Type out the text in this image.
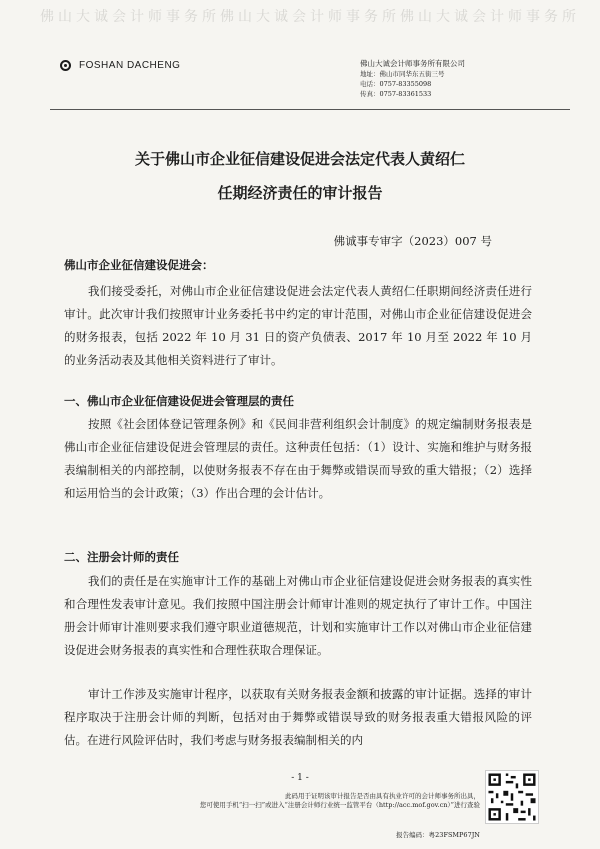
佛山大诚会计师事务所佛山大诚会计师事务所佛山大诚会计师事务所
FOSHAN DACHENG	佛山大诚会计师事务所有限公司
地址：佛山市同华东五街三号
电话：0757-83355098
传真：0757-83361533
关于佛山市企业征信建设促进会法定代表人黄绍仁
任期经济责任的审计报告
佛诚事专审字（2023）007 号
佛山市企业征信建设促进会：
我们接受委托，对佛山市企业征信建设促进会法定代表人黄绍仁任职期间经济责任进行审计。此次审计我们按照审计业务委托书中约定的审计范围，对佛山市企业征信建设促进会的财务报表，包括 2022 年 10 月 31 日的资产负债表、2017 年 10 月至 2022 年 10 月的业务活动表及其他相关资料进行了审计。
一、佛山市企业征信建设促进会管理层的责任
按照《社会团体登记管理条例》和《民间非营利组织会计制度》的规定编制财务报表是佛山市企业征信建设促进会管理层的责任。这种责任包括：（1）设计、实施和维护与财务报表编制相关的内部控制，以使财务报表不存在由于舞弊或错误而导致的重大错报；（2）选择和运用恰当的会计政策；（3）作出合理的会计估计。
二、注册会计师的责任
我们的责任是在实施审计工作的基础上对佛山市企业征信建设促进会财务报表的真实性和合理性发表审计意见。我们按照中国注册会计师审计准则的规定执行了审计工作。中国注册会计师审计准则要求我们遵守职业道德规范，计划和实施审计工作以对佛山市企业征信建设促进会财务报表的真实性和合理性获取合理保证。
审计工作涉及实施审计程序，以获取有关财务报表金额和披露的审计证据。选择的审计程序取决于注册会计师的判断，包括对由于舞弊或错误导致的财务报表重大错报风险的评估。在进行风险评估时，我们考虑与财务报表编制相关的内
- 1 -
此码用于证明该审计报告是否由具有执业许可的会计师事务所出具，
您可使用手机“扫一扫”或进入“注册会计师行业统一监管平台（http://acc.mof.gov.cn）”进行查验
报告编码：粤23FSMP67JN
